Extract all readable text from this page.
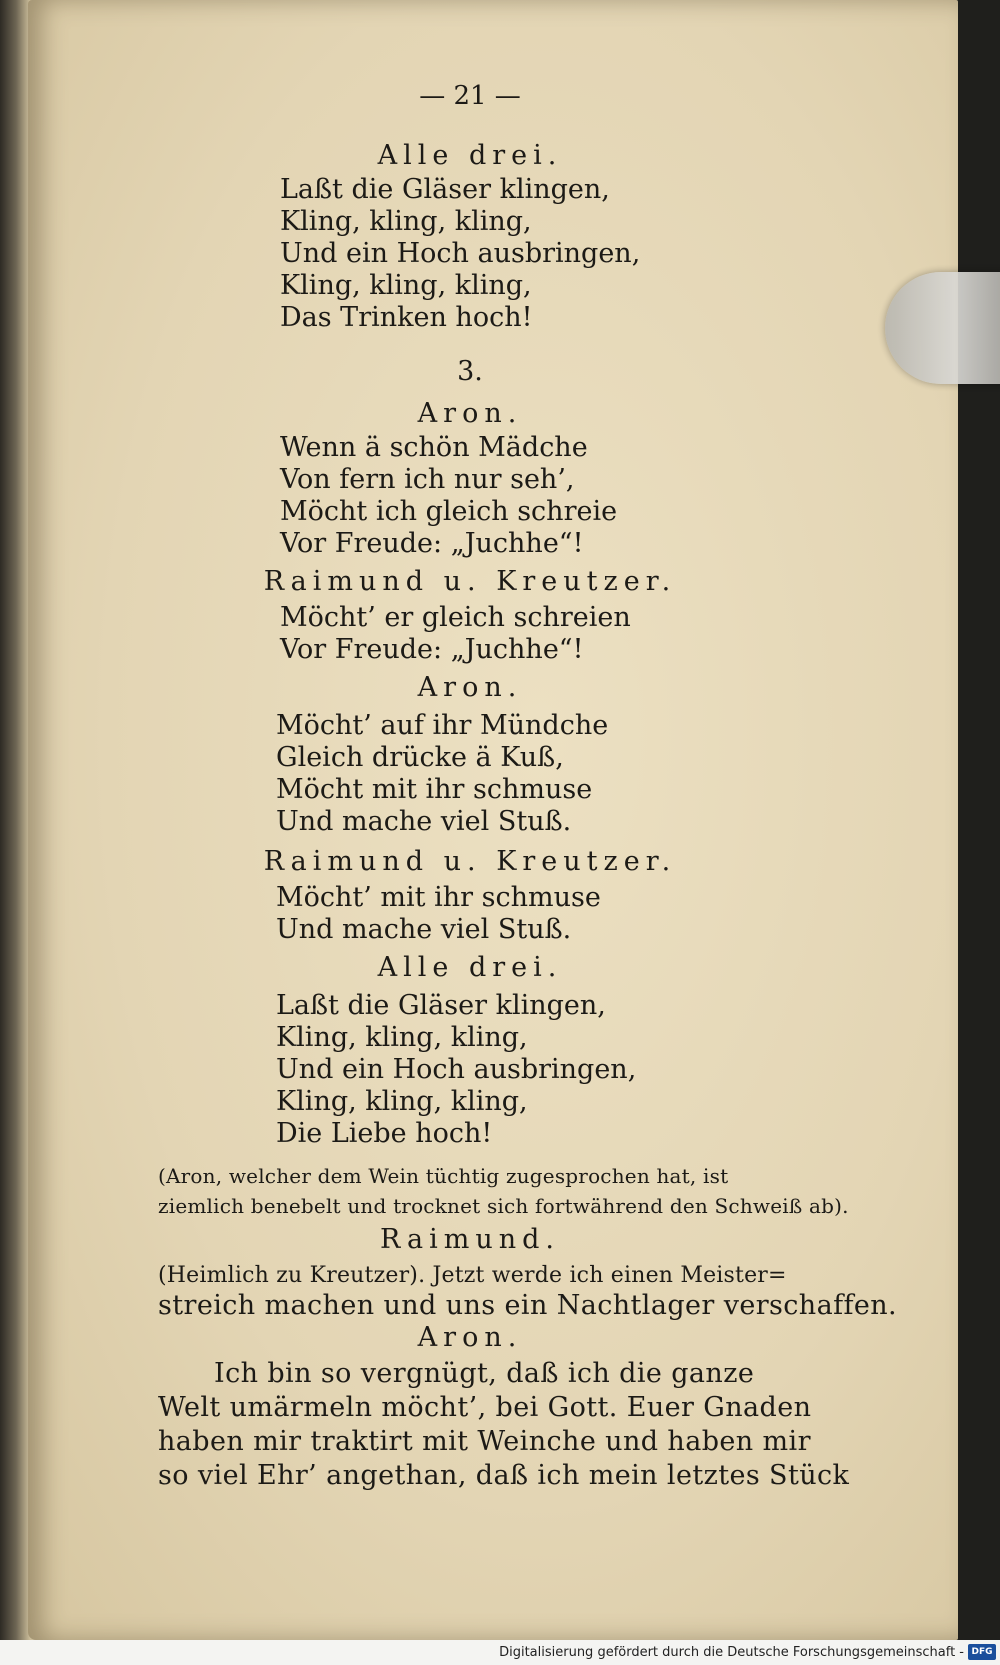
— 21 —
Alle drei.
Laßt die Gläser klingen,
Kling, kling, kling,
Und ein Hoch ausbringen,
Kling, kling, kling,
Das Trinken hoch!
3.
Aron.
Wenn ä schön Mädche
Von fern ich nur seh’,
Möcht ich gleich schreie
Vor Freude: „Juchhe“!
Raimund u. Kreutzer.
Möcht’ er gleich schreien
Vor Freude: „Juchhe“!
Aron.
Möcht’ auf ihr Mündche
Gleich drücke ä Kuß,
Möcht mit ihr schmuse
Und mache viel Stuß.
Raimund u. Kreutzer.
Möcht’ mit ihr schmuse
Und mache viel Stuß.
Alle drei.
Laßt die Gläser klingen,
Kling, kling, kling,
Und ein Hoch ausbringen,
Kling, kling, kling,
Die Liebe hoch!
(Aron, welcher dem Wein tüchtig zugesprochen hat, ist
ziemlich benebelt und trocknet sich fortwährend den Schweiß ab).
Raimund.
(Heimlich zu Kreutzer). Jetzt werde ich einen Meister=
streich machen und uns ein Nachtlager verschaffen.
Aron.
Ich bin so vergnügt, daß ich die ganze
Welt umärmeln möcht’, bei Gott. Euer Gnaden
haben mir traktirt mit Weinche und haben mir
so viel Ehr’ angethan, daß ich mein letztes Stück
Digitalisierung gefördert durch die Deutsche Forschungsgemeinschaft - DFG
